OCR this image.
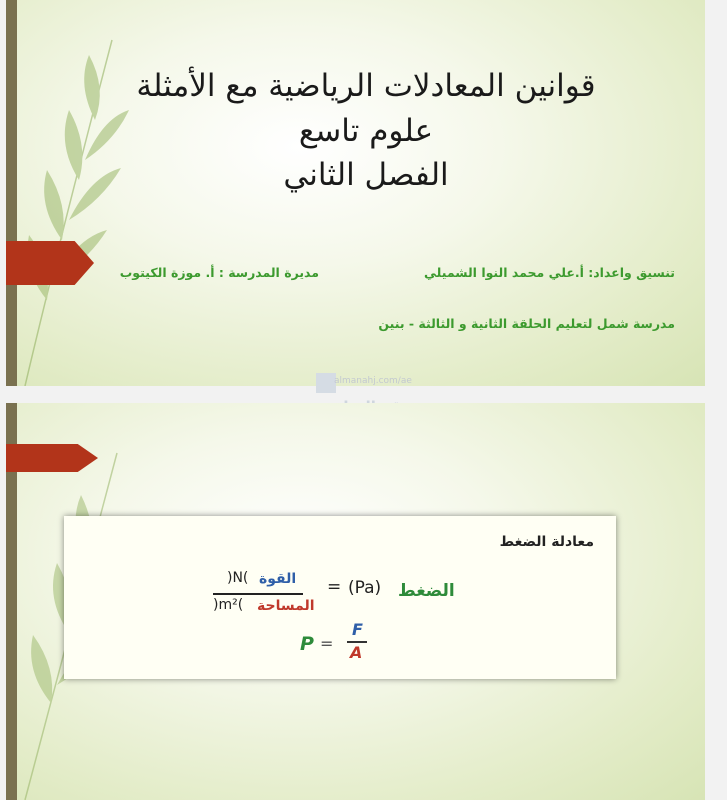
قوانين المعادلات الرياضية مع الأمثلة
علوم تاسع
الفصل الثاني
تنسيق واعداد: أ.علي محمد النوا الشميلي
مديرة المدرسة : أ. موزة الكيتوب
مدرسة شمل لتعليم الحلقة الثانية و الثالثة - بنين
almanahj.com/ae
معادلة الضغط
الضغط
(Pa)
=
القوة
)N(
المساحة
)m²(
P =
F
A
